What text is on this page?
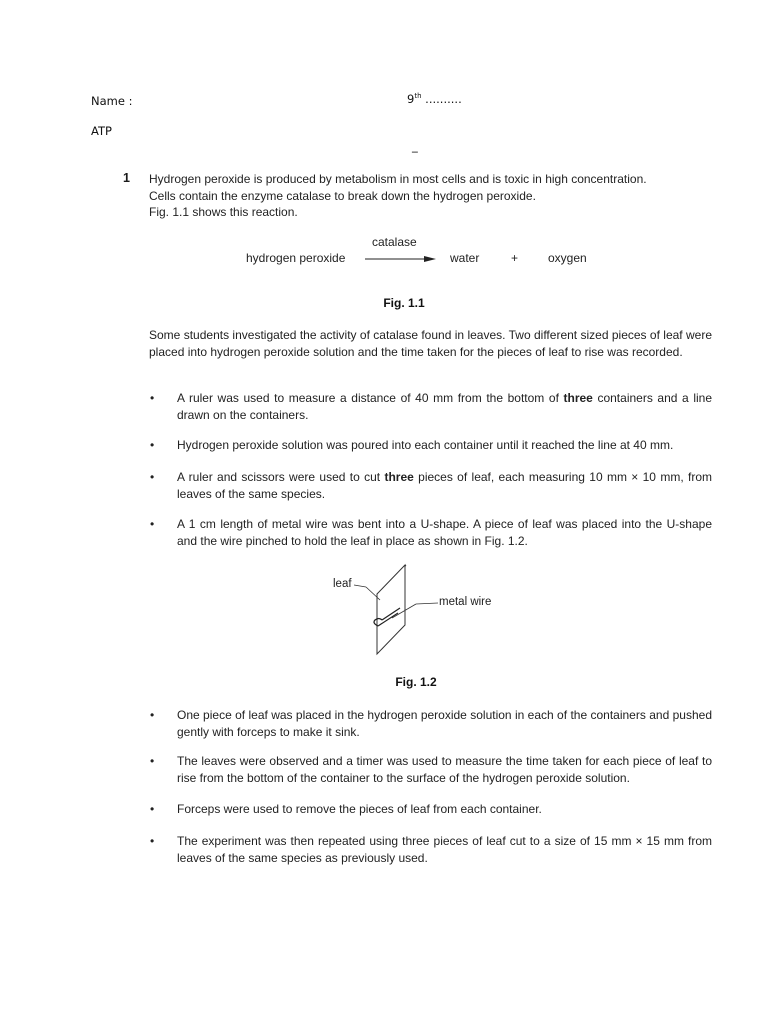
Name :	9th ..........
ATP
_
1 Hydrogen peroxide is produced by metabolism in most cells and is toxic in high concentration.
Cells contain the enzyme catalase to break down the hydrogen peroxide.
Fig. 1.1 shows this reaction.
catalase
hydrogen peroxide	water	+ oxygen
Fig. 1.1
Some students investigated the activity of catalase found in leaves. Two different sized pieces of leaf were placed into hydrogen peroxide solution and the time taken for the pieces of leaf to rise was recorded.
• A ruler was used to measure a distance of 40 mm from the bottom of three containers and a line drawn on the containers.
• Hydrogen peroxide solution was poured into each container until it reached the line at 40 mm.
• A ruler and scissors were used to cut three pieces of leaf, each measuring 10 mm × 10 mm, from leaves of the same species.
• A 1 cm length of metal wire was bent into a U-shape. A piece of leaf was placed into the U-shape and the wire pinched to hold the leaf in place as shown in Fig. 1.2.
leaf
metal wire
Fig. 1.2
• One piece of leaf was placed in the hydrogen peroxide solution in each of the containers and pushed gently with forceps to make it sink.
• The leaves were observed and a timer was used to measure the time taken for each piece of leaf to rise from the bottom of the container to the surface of the hydrogen peroxide solution.
• Forceps were used to remove the pieces of leaf from each container.
• The experiment was then repeated using three pieces of leaf cut to a size of 15 mm × 15 mm from leaves of the same species as previously used.
